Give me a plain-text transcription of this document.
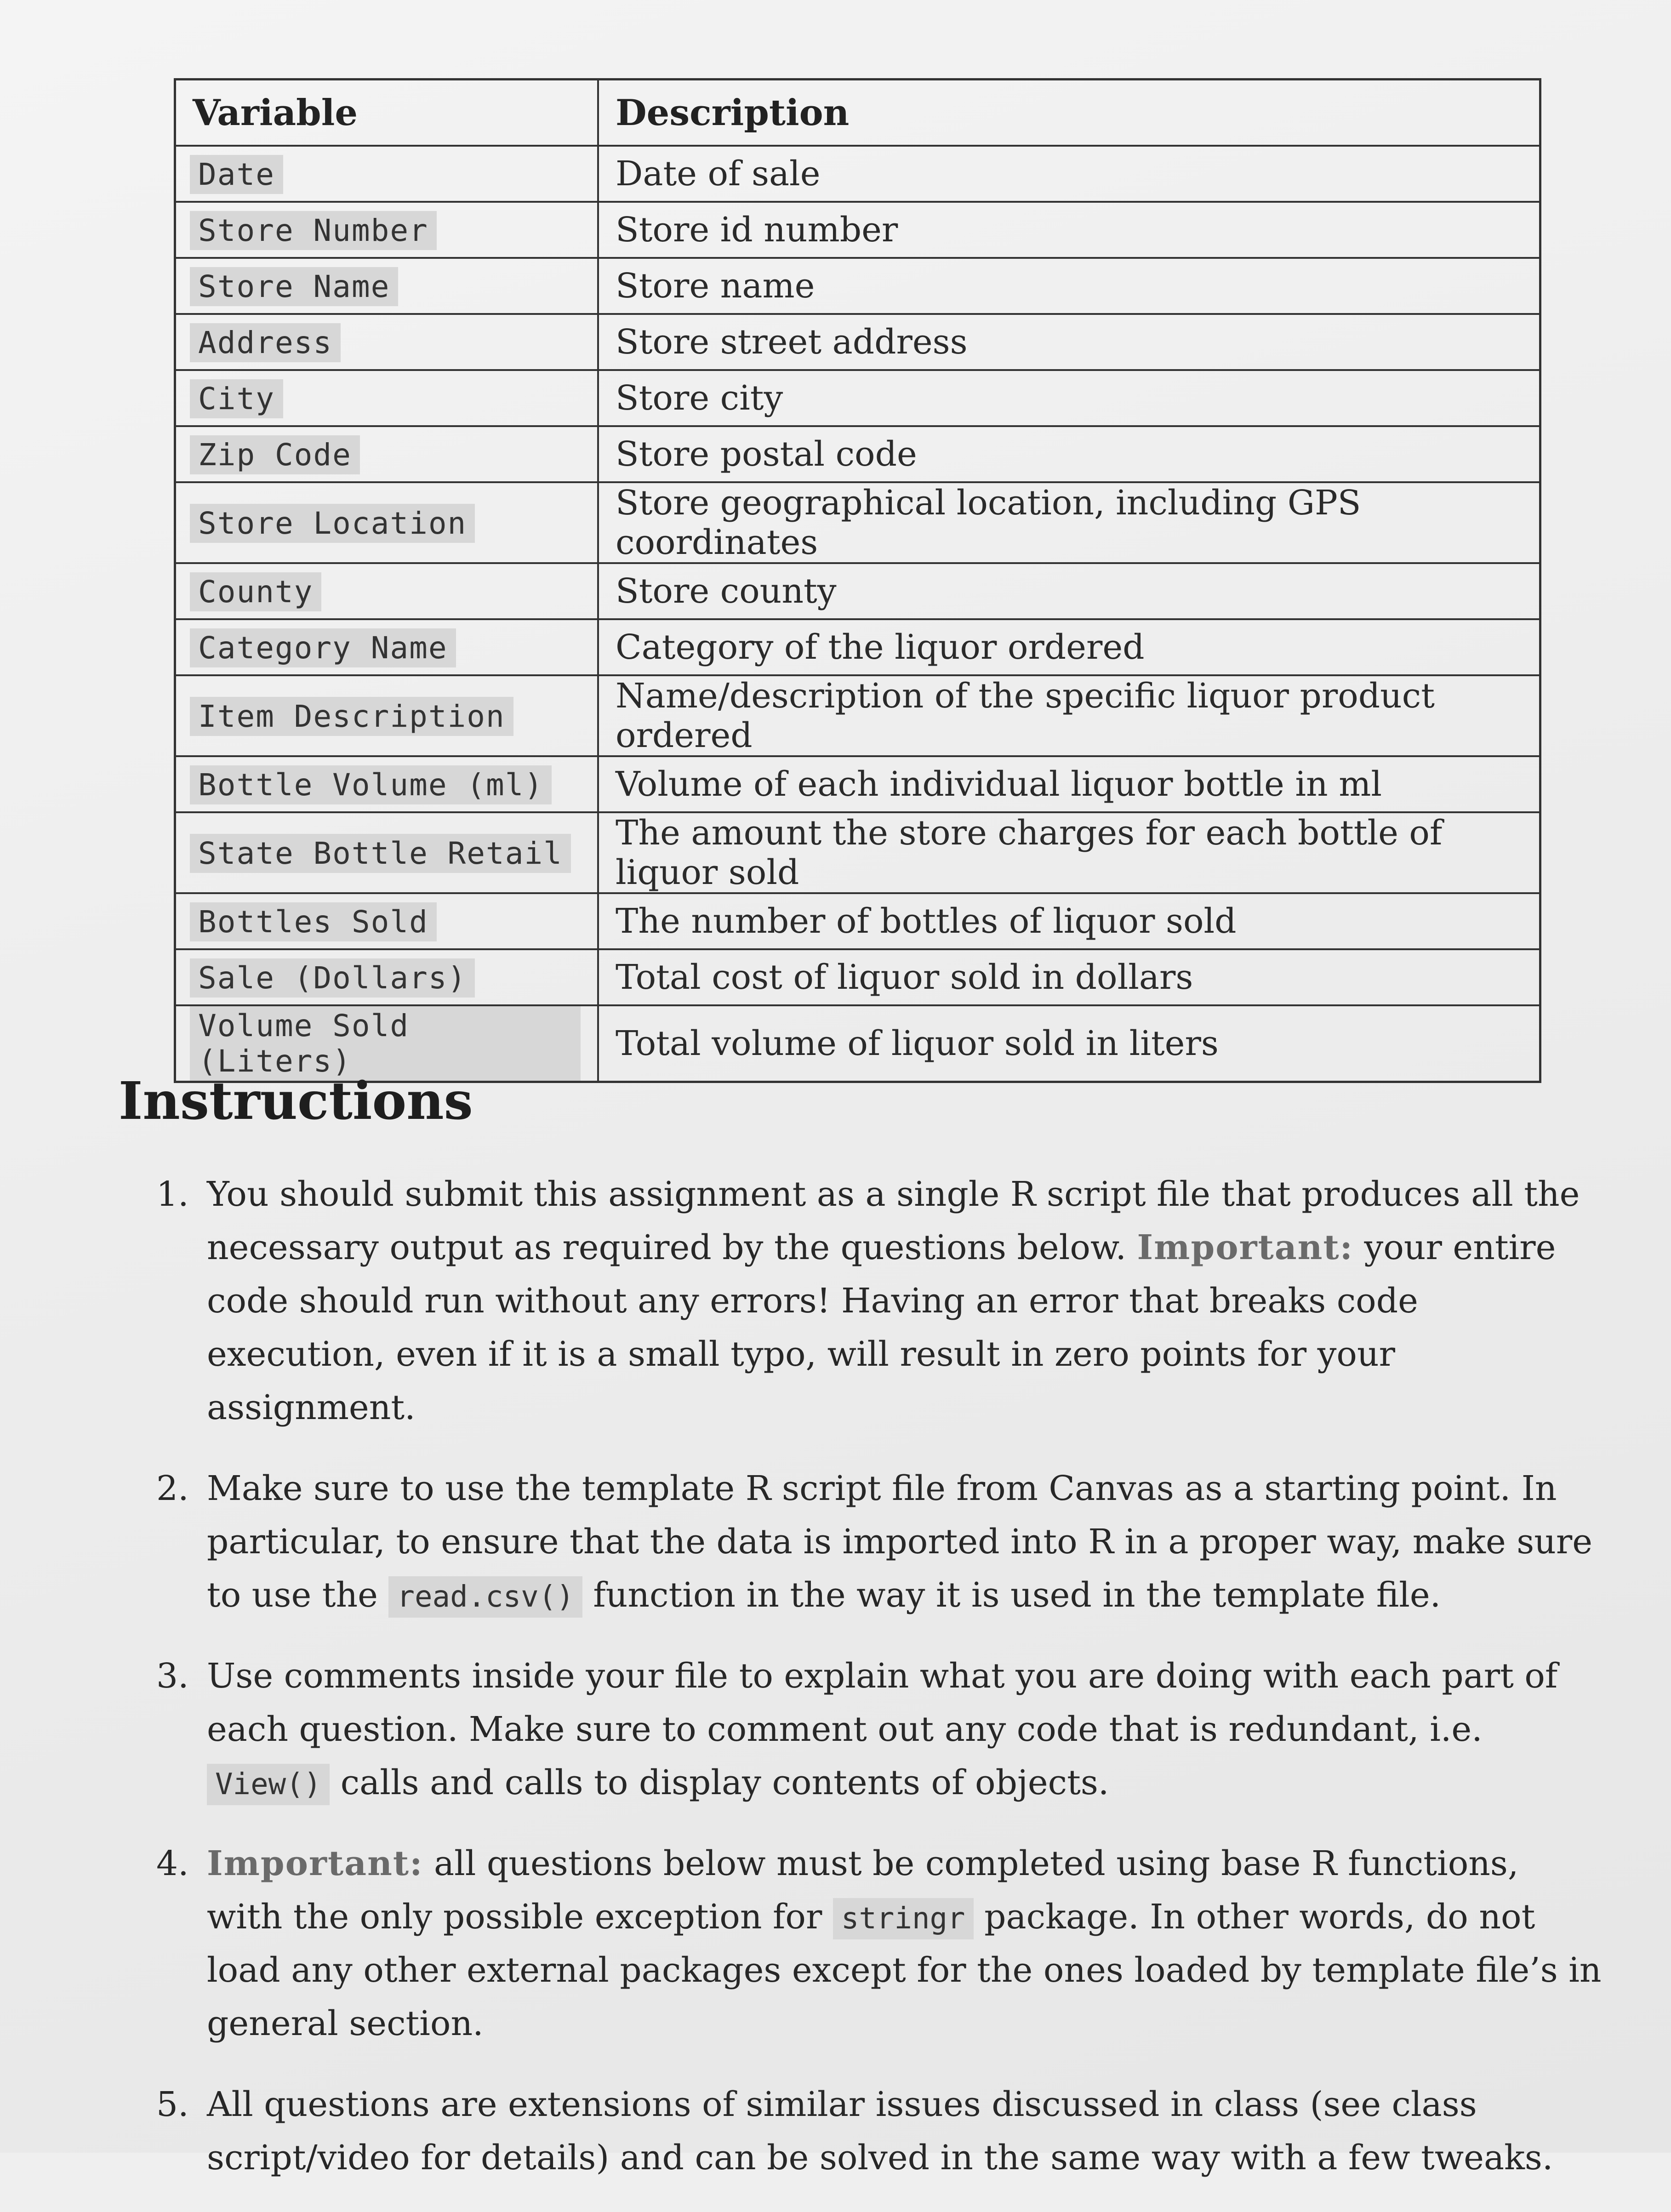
Variable	Description
Date	Date of sale
Store Number	Store id number
Store Name	Store name
Address	Store street address
City	Store city
Zip Code	Store postal code
Store Location	Store geographical location, including GPS coordinates
County	Store county
Category Name	Category of the liquor ordered
Item Description	Name/description of the specific liquor product ordered
Bottle Volume (ml)	Volume of each individual liquor bottle in ml
State Bottle Retail	The amount the store charges for each bottle of liquor sold
Bottles Sold	The number of bottles of liquor sold
Sale (Dollars)	Total cost of liquor sold in dollars
Volume Sold (Liters)	Total volume of liquor sold in liters
Instructions
1. You should submit this assignment as a single R script file that produces all the necessary output as required by the questions below. Important: your entire code should run without any errors! Having an error that breaks code execution, even if it is a small typo, will result in zero points for your assignment.
2. Make sure to use the template R script file from Canvas as a starting point. In particular, to ensure that the data is imported into R in a proper way, make sure to use the read.csv() function in the way it is used in the template file.
3. Use comments inside your file to explain what you are doing with each part of each question. Make sure to comment out any code that is redundant, i.e. View() calls and calls to display contents of objects.
4. Important: all questions below must be completed using base R functions, with the only possible exception for stringr package. In other words, do not load any other external packages except for the ones loaded by template file’s in general section.
5. All questions are extensions of similar issues discussed in class (see class script/video for details) and can be solved in the same way with a few tweaks.
